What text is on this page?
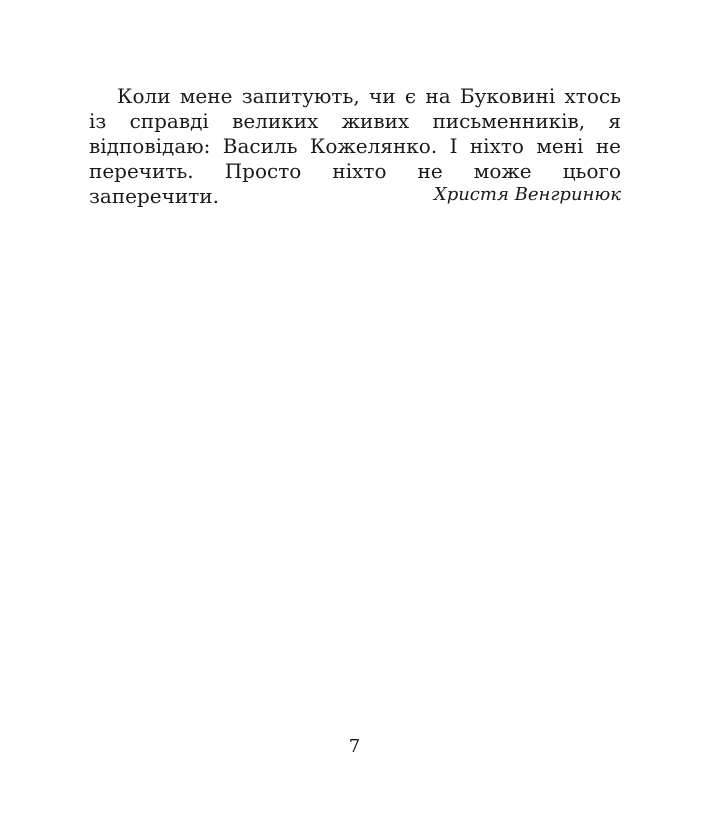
Коли мене запитують, чи є на Буковині хтось із справді великих живих письменників, я відповідаю: Василь Кожелянко. І ніхто мені не перечить. Просто ніхто не може цього заперечити.	Христя Венгринюк

7
